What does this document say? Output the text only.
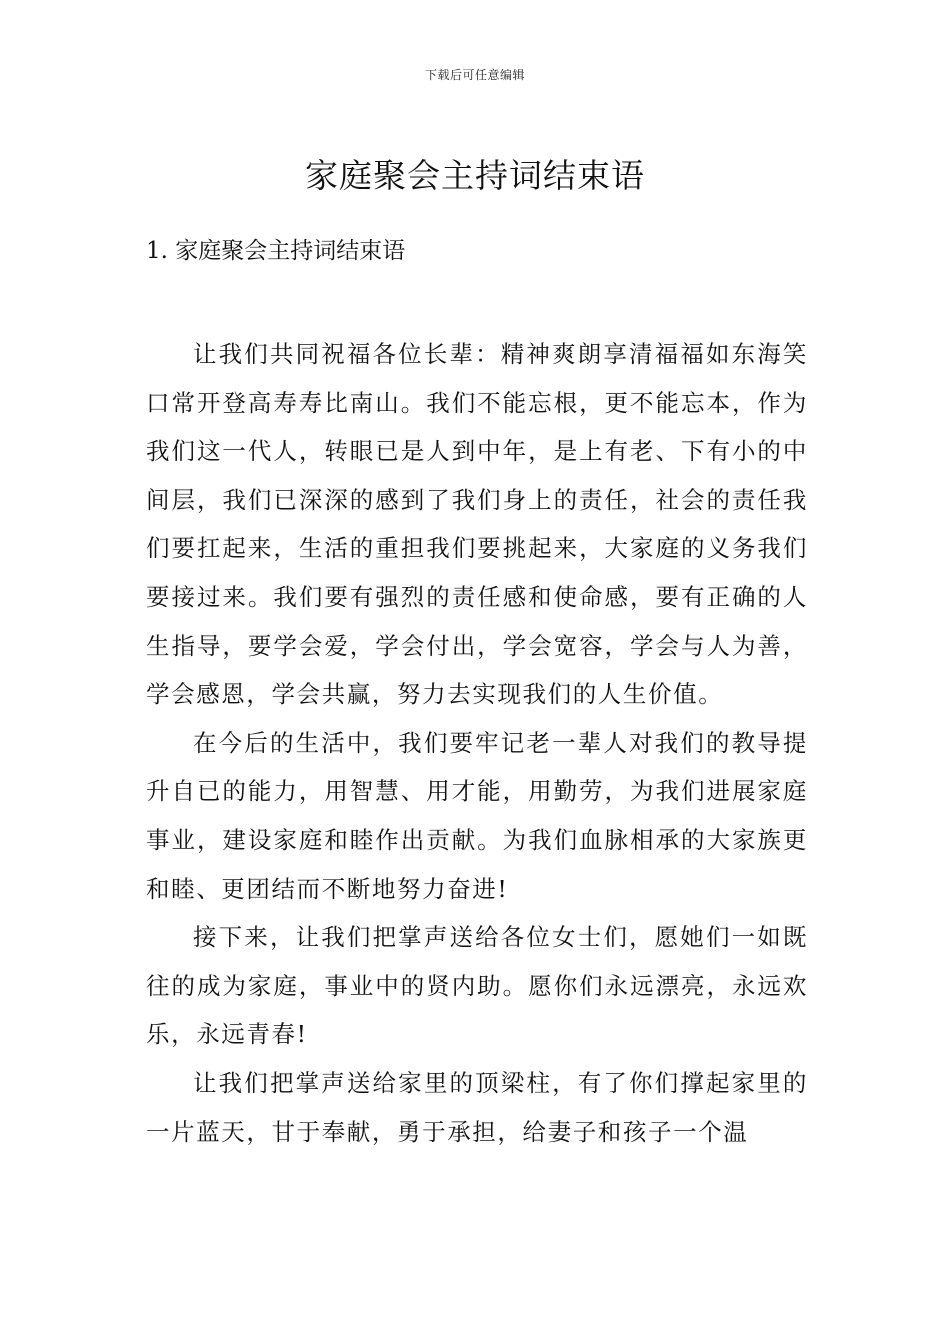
下载后可任意编辑
家庭聚会主持词结束语
1. 家庭聚会主持词结束语

让我们共同祝福各位长辈：精神爽朗享清福福如东海笑口常开登高寿寿比南山。我们不能忘根，更不能忘本，作为我们这一代人，转眼已是人到中年，是上有老、下有小的中间层，我们已深深的感到了我们身上的责任，社会的责任我们要扛起来，生活的重担我们要挑起来，大家庭的义务我们要接过来。我们要有强烈的责任感和使命感，要有正确的人生指导，要学会爱，学会付出，学会宽容，学会与人为善，学会感恩，学会共赢，努力去实现我们的人生价值。

在今后的生活中，我们要牢记老一辈人对我们的教导提升自已的能力，用智慧、用才能，用勤劳，为我们进展家庭事业，建设家庭和睦作出贡献。为我们血脉相承的大家族更和睦、更团结而不断地努力奋进!

接下来，让我们把掌声送给各位女士们，愿她们一如既往的成为家庭，事业中的贤内助。愿你们永远漂亮，永远欢乐，永远青春!

让我们把掌声送给家里的顶梁柱，有了你们撑起家里的一片蓝天，甘于奉献，勇于承担，给妻子和孩子一个温
